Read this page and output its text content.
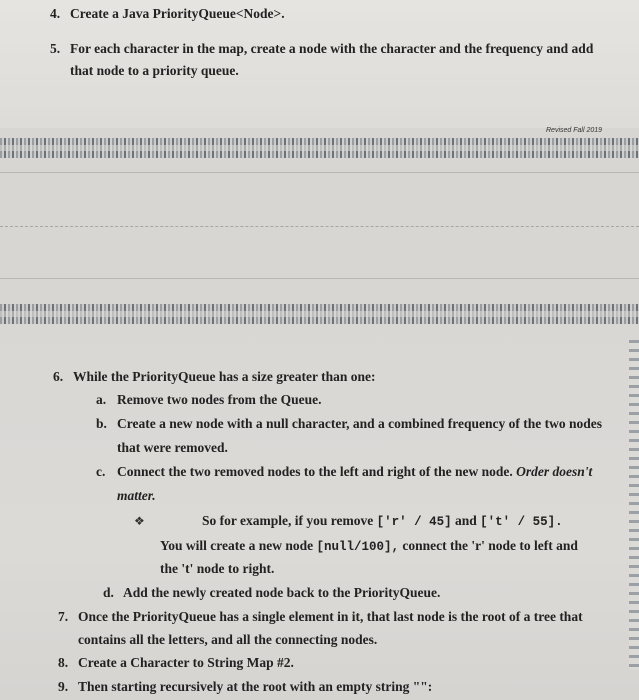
4. Create a Java PriorityQueue<Node>.
5. For each character in the map, create a node with the character and the frequency and add
that node to a priority queue.
Revised Fall 2019
6. While the PriorityQueue has a size greater than one:
a. Remove two nodes from the Queue.
b. Create a new node with a null character, and a combined frequency of the two nodes
that were removed.
c. Connect the two removed nodes to the left and right of the new node. Order doesn't
matter.
❖	So for example, if you remove ['r' / 45] and ['t' / 55].
You will create a new node [null/100], connect the 'r' node to left and
the 't' node to right.
d. Add the newly created node back to the PriorityQueue.
7. Once the PriorityQueue has a single element in it, that last node is the root of a tree that
contains all the letters, and all the connecting nodes.
8. Create a Character to String Map #2.
9. Then starting recursively at the root with an empty string "":
